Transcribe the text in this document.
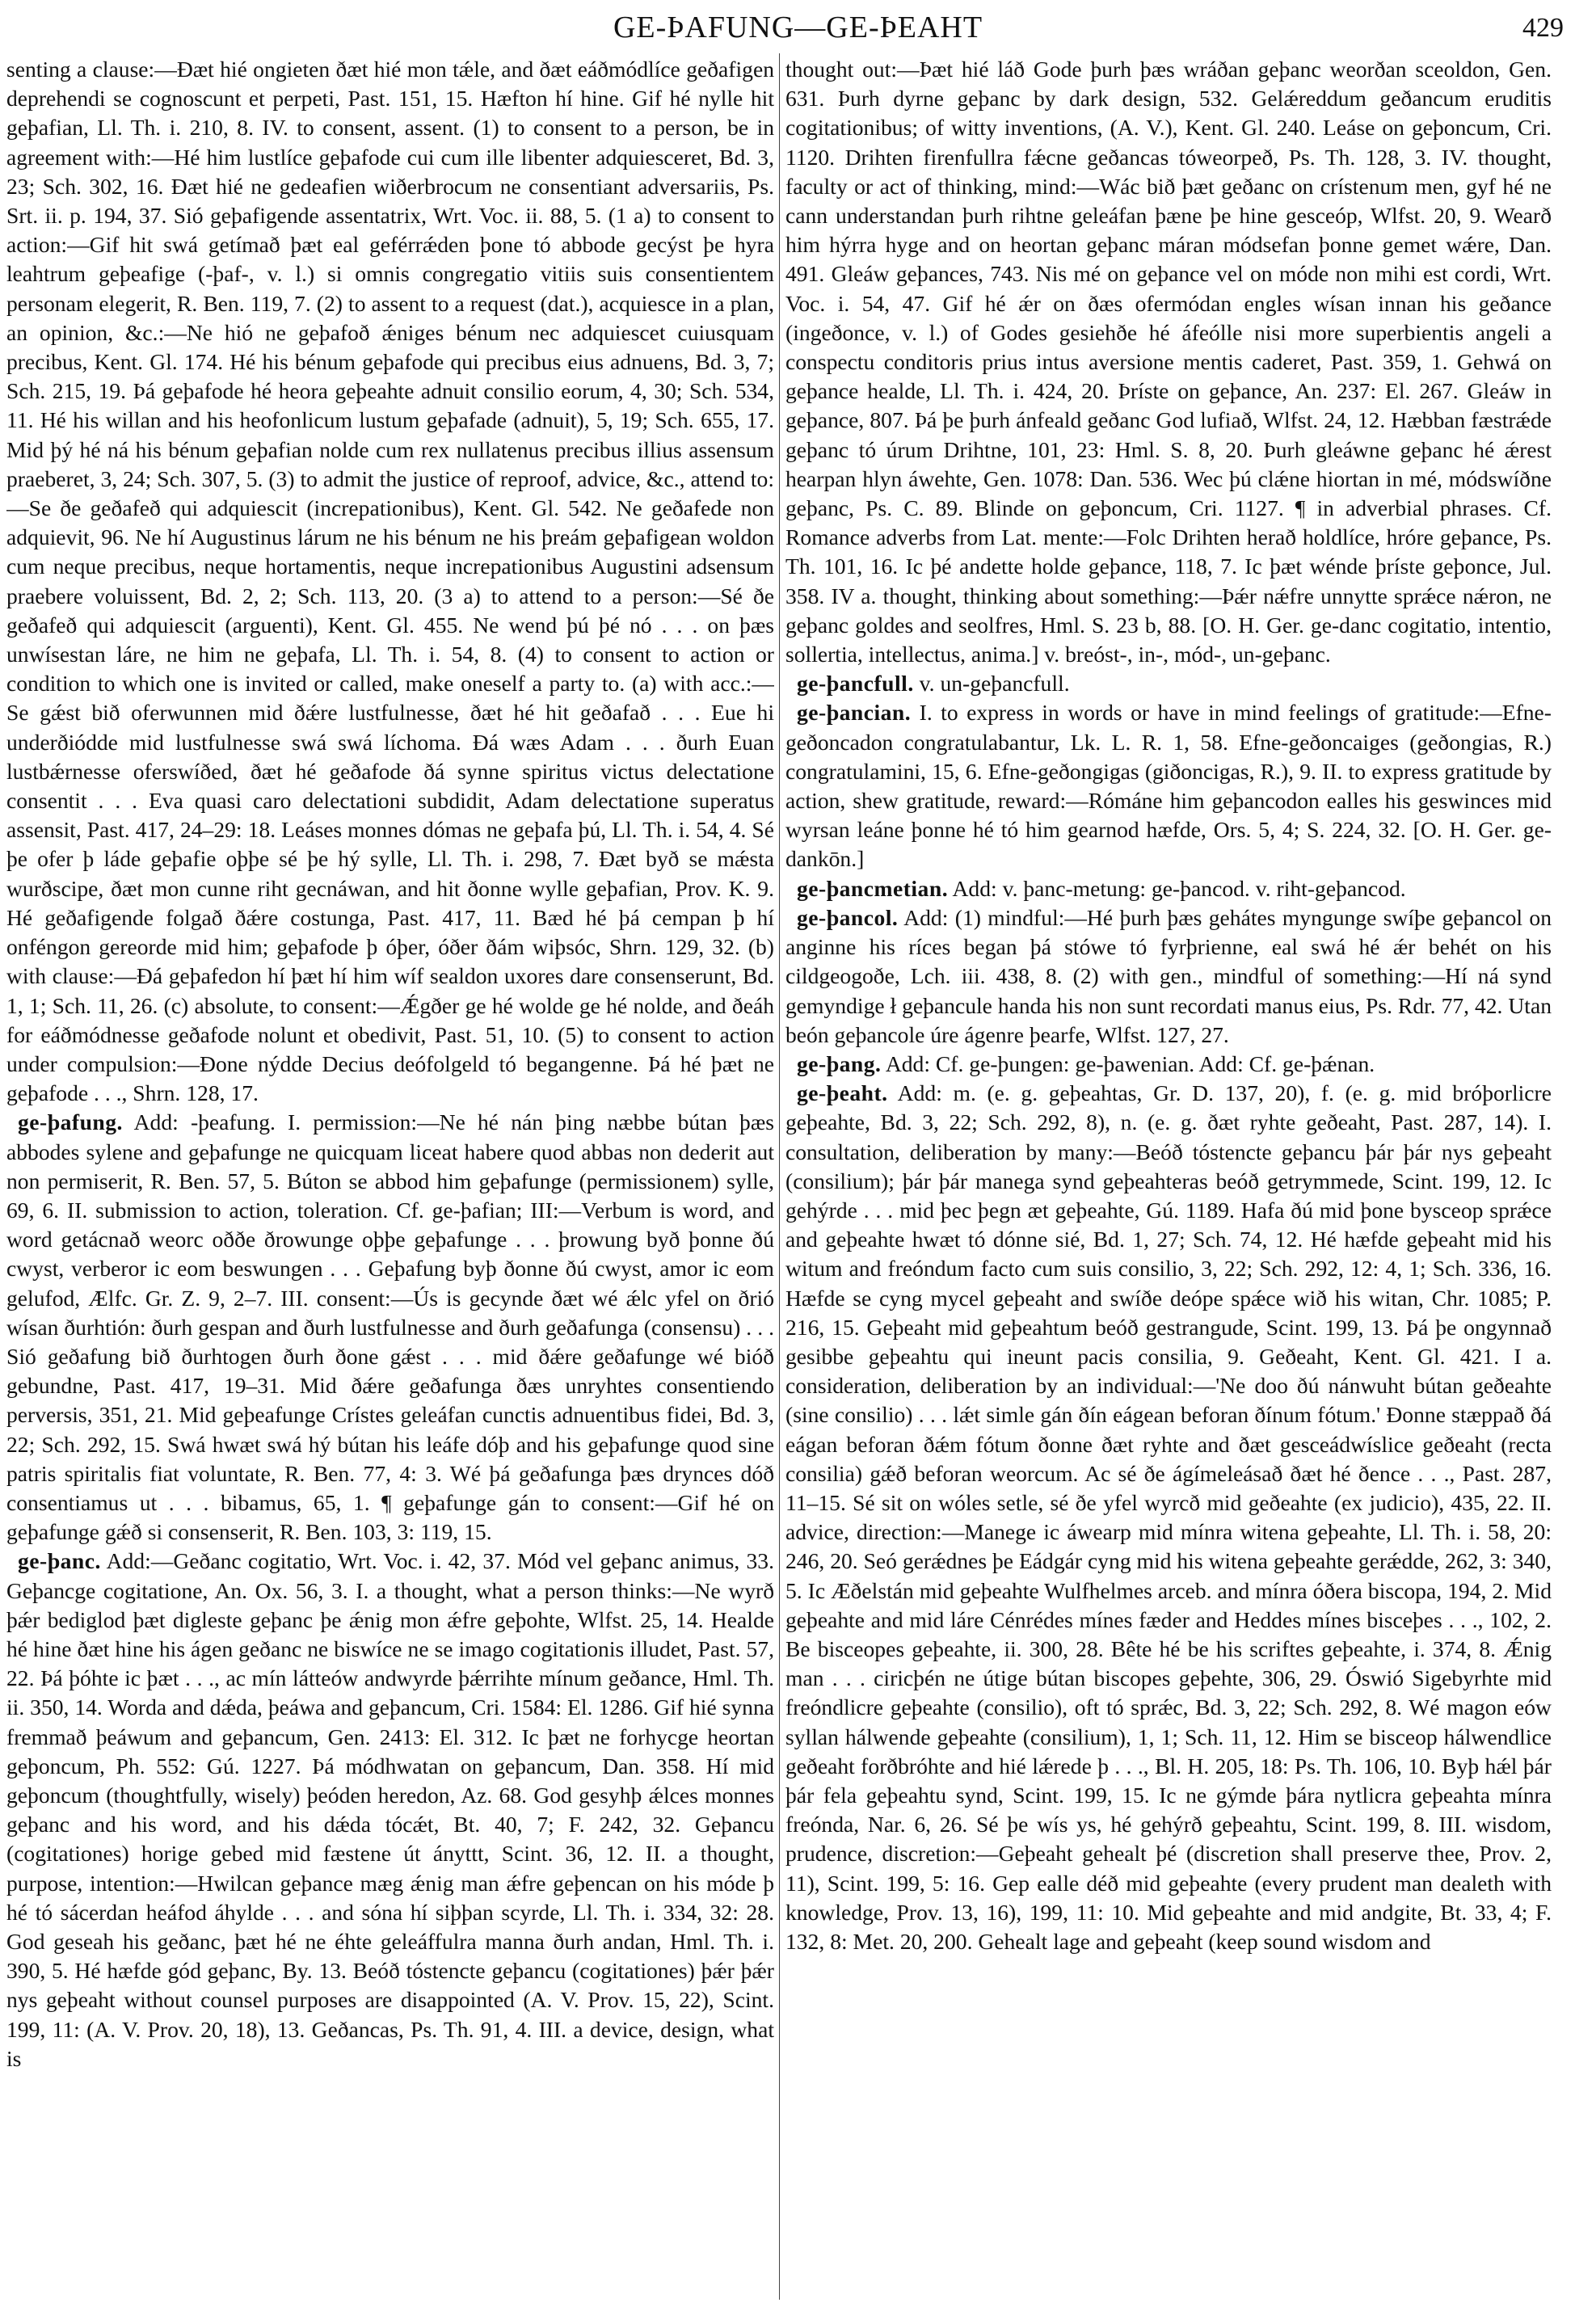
GE-ÞAFUNG—GE-ÞEAHT	429

senting a clause:—Ðæt hié ongieten ðæt hié mon tǽle, and ðæt eáðmódlíce geðafigen deprehendi se cognoscunt et perpeti, Past. 151, 15. Hæfton hí hine. Gif hé nylle hit geþafian, Ll. Th. i. 210, 8. IV. to consent, assent. (1) to consent to a person, be in agreement with:—Hé him lustlíce geþafode cui cum ille libenter adquiesceret, Bd. 3, 23; Sch. 302, 16. Ðæt hié ne gedeafien wiðerbrocum ne consentiant adversariis, Ps. Srt. ii. p. 194, 37. Sió geþafigende assentatrix, Wrt. Voc. ii. 88, 5. (1 a) to consent to action:—Gif hit swá getímað þæt eal geférrǽden þone tó abbode gecýst þe hyra leahtrum geþeafige (-þaf-, v. l.) si omnis congregatio vitiis suis consentientem personam elegerit, R. Ben. 119, 7. (2) to assent to a request (dat.), acquiesce in a plan, an opinion, &c.:—Ne hió ne geþafoð ǽniges bénum nec adquiescet cuiusquam precibus, Kent. Gl. 174. Hé his bénum geþafode qui precibus eius adnuens, Bd. 3, 7; Sch. 215, 19. Þá geþafode hé heora geþeahte adnuit consilio eorum, 4, 30; Sch. 534, 11. Hé his willan and his heofonlicum lustum geþafade (adnuit), 5, 19; Sch. 655, 17. Mid þý hé ná his bénum geþafian nolde cum rex nullatenus precibus illius assensum praeberet, 3, 24; Sch. 307, 5. (3) to admit the justice of reproof, advice, &c., attend to:—Se ðe geðafeð qui adquiescit (increpationibus), Kent. Gl. 542. Ne geðafede non adquievit, 96. Ne hí Augustinus lárum ne his bénum ne his þreám geþafigean woldon cum neque precibus, neque hortamentis, neque increpationibus Augustini adsensum praebere voluissent, Bd. 2, 2; Sch. 113, 20. (3 a) to attend to a person:—Sé ðe geðafeð qui adquiescit (arguenti), Kent. Gl. 455. Ne wend þú þé nó . . . on þæs unwísestan láre, ne him ne geþafa, Ll. Th. i. 54, 8. (4) to consent to action or condition to which one is invited or called, make oneself a party to. (a) with acc.:—Se gǽst bið oferwunnen mid ðǽre lustfulnesse, ðæt hé hit geðafað . . . Eue hi underðiódde mid lustfulnesse swá swá líchoma. Ðá wæs Adam . . . ðurh Euan lustbǽrnesse oferswíðed, ðæt hé geðafode ðá synne spiritus victus delectatione consentit . . . Eva quasi caro delectationi subdidit, Adam delectatione superatus assensit, Past. 417, 24–29: 18. Leáses monnes dómas ne geþafa þú, Ll. Th. i. 54, 4. Sé þe ofer þ láde geþafie oþþe sé þe hý sylle, Ll. Th. i. 298, 7. Ðæt byð se mǽsta wurðscipe, ðæt mon cunne riht gecnáwan, and hit ðonne wylle geþafian, Prov. K. 9. Hé geðafigende folgað ðǽre costunga, Past. 417, 11. Bæd hé þá cempan þ hí onféngon gereorde mid him; geþafode þ óþer, óðer ðám wiþsóc, Shrn. 129, 32. (b) with clause:—Ðá geþafedon hí þæt hí him wíf sealdon uxores dare consenserunt, Bd. 1, 1; Sch. 11, 26. (c) absolute, to consent:—Ǽgðer ge hé wolde ge hé nolde, and ðeáh for eáðmódnesse geðafode nolunt et obedivit, Past. 51, 10. (5) to consent to action under compulsion:—Ðone nýdde Decius deófolgeld tó begangenne. Þá hé þæt ne geþafode . . ., Shrn. 128, 17.

ge-þafung. Add: -þeafung. I. permission:—Ne hé nán þing næbbe bútan þæs abbodes sylene and geþafunge ne quicquam liceat habere quod abbas non dederit aut non permiserit, R. Ben. 57, 5. Búton se abbod him geþafunge (permissionem) sylle, 69, 6. II. submission to action, toleration. Cf. ge-þafian; III:—Verbum is word, and word getácnað weorc oððe ðrowunge oþþe geþafunge . . . þrowung byð þonne ðú cwyst, verberor ic eom beswungen . . . Geþafung byþ ðonne ðú cwyst, amor ic eom gelufod, Ælfc. Gr. Z. 9, 2–7. III. consent:—Ús is gecynde ðæt wé ǽlc yfel on ðrió wísan ðurhtión: ðurh gespan and ðurh lustfulnesse and ðurh geðafunga (consensu) . . . Sió geðafung bið ðurhtogen ðurh ðone gǽst . . . mid ðǽre geðafunge wé bióð gebundne, Past. 417, 19–31. Mid ðǽre geðafunga ðæs unryhtes consentiendo perversis, 351, 21. Mid geþeafunge Crístes geleáfan cunctis adnuentibus fidei, Bd. 3, 22; Sch. 292, 15. Swá hwæt swá hý bútan his leáfe dóþ and his geþafunge quod sine patris spiritalis fiat voluntate, R. Ben. 77, 4: 3. Wé þá geðafunga þæs drynces dóð consentiamus ut . . . bibamus, 65, 1. ¶ geþafunge gán to consent:—Gif hé on geþafunge gǽð si consenserit, R. Ben. 103, 3: 119, 15.

ge-þanc. Add:—Geðanc cogitatio, Wrt. Voc. i. 42, 37. Mód vel geþanc animus, 33. Geþancge cogitatione, An. Ox. 56, 3. I. a thought, what a person thinks:—Ne wyrð þǽr bediglod þæt digleste geþanc þe ǽnig mon ǽfre geþohte, Wlfst. 25, 14. Healde hé hine ðæt hine his ágen geðanc ne biswíce ne se imago cogitationis illudet, Past. 57, 22. Þá þóhte ic þæt . . ., ac mín látteów andwyrde þǽrrihte mínum geðance, Hml. Th. ii. 350, 14. Worda and dǽda, þeáwa and geþancum, Cri. 1584: El. 1286. Gif hié synna fremmað þeáwum and geþancum, Gen. 2413: El. 312. Ic þæt ne forhycge heortan geþoncum, Ph. 552: Gú. 1227. Þá módhwatan on geþancum, Dan. 358. Hí mid geþoncum (thoughtfully, wisely) þeóden heredon, Az. 68. God gesyhþ ǽlces monnes geþanc and his word, and his dǽda tócǽt, Bt. 40, 7; F. 242, 32. Geþancu (cogitationes) horige gebed mid fæstene út ányttt, Scint. 36, 12. II. a thought, purpose, intention:—Hwilcan geþance mæg ǽnig man ǽfre geþencan on his móde þ hé tó sácerdan heáfod áhylde . . . and sóna hí siþþan scyrde, Ll. Th. i. 334, 32: 28. God geseah his geðanc, þæt hé ne éhte geleáffulra manna ðurh andan, Hml. Th. i. 390, 5. Hé hæfde gód geþanc, By. 13. Beóð tóstencte geþancu (cogitationes) þǽr þǽr nys geþeaht without counsel purposes are disappointed (A. V. Prov. 15, 22), Scint. 199, 11: (A. V. Prov. 20, 18), 13. Geðancas, Ps. Th. 91, 4. III. a device, design, what is

thought out:—Þæt hié láð Gode þurh þæs wráðan geþanc weorðan sceoldon, Gen. 631. Þurh dyrne geþanc by dark design, 532. Gelǽreddum geðancum eruditis cogitationibus; of witty inventions, (A. V.), Kent. Gl. 240. Leáse on geþoncum, Cri. 1120. Drihten firenfullra fǽcne geðancas tóweorpeð, Ps. Th. 128, 3. IV. thought, faculty or act of thinking, mind:—Wác bið þæt geðanc on crístenum men, gyf hé ne cann understandan þurh rihtne geleáfan þæne þe hine gesceóp, Wlfst. 20, 9. Wearð him hýrra hyge and on heortan geþanc máran módsefan þonne gemet wǽre, Dan. 491. Gleáw geþances, 743. Nis mé on geþance vel on móde non mihi est cordi, Wrt. Voc. i. 54, 47. Gif hé ǽr on ðæs ofermódan engles wísan innan his geðance (ingeðonce, v. l.) of Godes gesiehðe hé áfeólle nisi more superbientis angeli a conspectu conditoris prius intus aversione mentis caderet, Past. 359, 1. Gehwá on geþance healde, Ll. Th. i. 424, 20. Þríste on geþance, An. 237: El. 267. Gleáw in geþance, 807. Þá þe þurh ánfeald geðanc God lufiað, Wlfst. 24, 12. Hæbban fæstrǽde geþanc tó úrum Drihtne, 101, 23: Hml. S. 8, 20. Þurh gleáwne geþanc hé ǽrest hearpan hlyn áwehte, Gen. 1078: Dan. 536. Wec þú clǽne hiortan in mé, módswíðne geþanc, Ps. C. 89. Blinde on geþoncum, Cri. 1127. ¶ in adverbial phrases. Cf. Romance adverbs from Lat. mente:—Folc Drihten herað holdlíce, hróre geþance, Ps. Th. 101, 16. Ic þé andette holde geþance, 118, 7. Ic þæt wénde þríste geþonce, Jul. 358. IV a. thought, thinking about something:—Þǽr nǽfre unnytte sprǽce nǽron, ne geþanc goldes and seolfres, Hml. S. 23 b, 88. [O. H. Ger. ge-danc cogitatio, intentio, sollertia, intellectus, anima.] v. breóst-, in-, mód-, un-geþanc.

ge-þancfull. v. un-geþancfull.

ge-þancian. I. to express in words or have in mind feelings of gratitude:—Efne-geðoncadon congratulabantur, Lk. L. R. 1, 58. Efne-geðoncaiges (geðongias, R.) congratulamini, 15, 6. Efne-geðongigas (giðoncigas, R.), 9. II. to express gratitude by action, shew gratitude, reward:—Rómáne him geþancodon ealles his geswinces mid wyrsan leáne þonne hé tó him gearnod hæfde, Ors. 5, 4; S. 224, 32. [O. H. Ger. ge-dankōn.]

ge-þancmetian. Add: v. þanc-metung: ge-þancod. v. riht-geþancod.

ge-þancol. Add: (1) mindful:—Hé þurh þæs gehátes myngunge swíþe geþancol on anginne his ríces began þá stówe tó fyrþrienne, eal swá hé ǽr behét on his cildgeogoðe, Lch. iii. 438, 8. (2) with gen., mindful of something:—Hí ná synd gemyndige ł geþancule handa his non sunt recordati manus eius, Ps. Rdr. 77, 42. Utan beón geþancole úre ágenre þearfe, Wlfst. 127, 27.

ge-þang. Add: Cf. ge-þungen: ge-þawenian. Add: Cf. ge-þǽnan.

ge-þeaht. Add: m. (e. g. geþeahtas, Gr. D. 137, 20), f. (e. g. mid bróþorlicre geþeahte, Bd. 3, 22; Sch. 292, 8), n. (e. g. ðæt ryhte geðeaht, Past. 287, 14). I. consultation, deliberation by many:—Beóð tóstencte geþancu þár þár nys geþeaht (consilium); þár þár manega synd geþeahteras beóð getrymmede, Scint. 199, 12. Ic gehýrde . . . mid þec þegn æt geþeahte, Gú. 1189. Hafa ðú mid þone bysceop sprǽce and geþeahte hwæt tó dónne sié, Bd. 1, 27; Sch. 74, 12. Hé hæfde geþeaht mid his witum and freóndum facto cum suis consilio, 3, 22; Sch. 292, 12: 4, 1; Sch. 336, 16. Hæfde se cyng mycel geþeaht and swíðe deópe spǽce wið his witan, Chr. 1085; P. 216, 15. Geþeaht mid geþeahtum beóð gestrangude, Scint. 199, 13. Þá þe ongynnað gesibbe geþeahtu qui ineunt pacis consilia, 9. Geðeaht, Kent. Gl. 421. I a. consideration, deliberation by an individual:—'Ne doo ðú nánwuht bútan geðeahte (sine consilio) . . . lǽt simle gán ðín eágean beforan ðínum fótum.' Ðonne stæppað ðá eágan beforan ðǽm fótum ðonne ðæt ryhte and ðæt gesceádwíslice geðeaht (recta consilia) gǽð beforan weorcum. Ac sé ðe ágímeleásað ðæt hé ðence . . ., Past. 287, 11–15. Sé sit on wóles setle, sé ðe yfel wyrcð mid geðeahte (ex judicio), 435, 22. II. advice, direction:—Manege ic áwearp mid mínra witena geþeahte, Ll. Th. i. 58, 20: 246, 20. Seó gerǽdnes þe Eádgár cyng mid his witena geþeahte gerǽdde, 262, 3: 340, 5. Ic Æðelstán mid geþeahte Wulfhelmes arceb. and mínra óðera biscopa, 194, 2. Mid geþeahte and mid láre Cénrédes mínes fæder and Heddes mínes bisceþes . . ., 102, 2. Be bisceopes geþeahte, ii. 300, 28. Bête hé be his scriftes geþeahte, i. 374, 8. Ǽnig man . . . ciricþén ne útige bútan biscopes geþehte, 306, 29. Óswió Sigebyrhte mid freóndlicre geþeahte (consilio), oft tó sprǽc, Bd. 3, 22; Sch. 292, 8. Wé magon eów syllan hálwende geþeahte (consilium), 1, 1; Sch. 11, 12. Him se bisceop hálwendlice geðeaht forðbróhte and hié lǽrede þ . . ., Bl. H. 205, 18: Ps. Th. 106, 10. Byþ hǽl þár þár fela geþeahtu synd, Scint. 199, 15. Ic ne gýmde þára nytlicra geþeahta mínra freónda, Nar. 6, 26. Sé þe wís ys, hé gehýrð geþeahtu, Scint. 199, 8. III. wisdom, prudence, discretion:—Geþeaht gehealt þé (discretion shall preserve thee, Prov. 2, 11), Scint. 199, 5: 16. Gep ealle déð mid geþeahte (every prudent man dealeth with knowledge, Prov. 13, 16), 199, 11: 10. Mid geþeahte and mid andgite, Bt. 33, 4; F. 132, 8: Met. 20, 200. Gehealt lage and geþeaht (keep sound wisdom and
